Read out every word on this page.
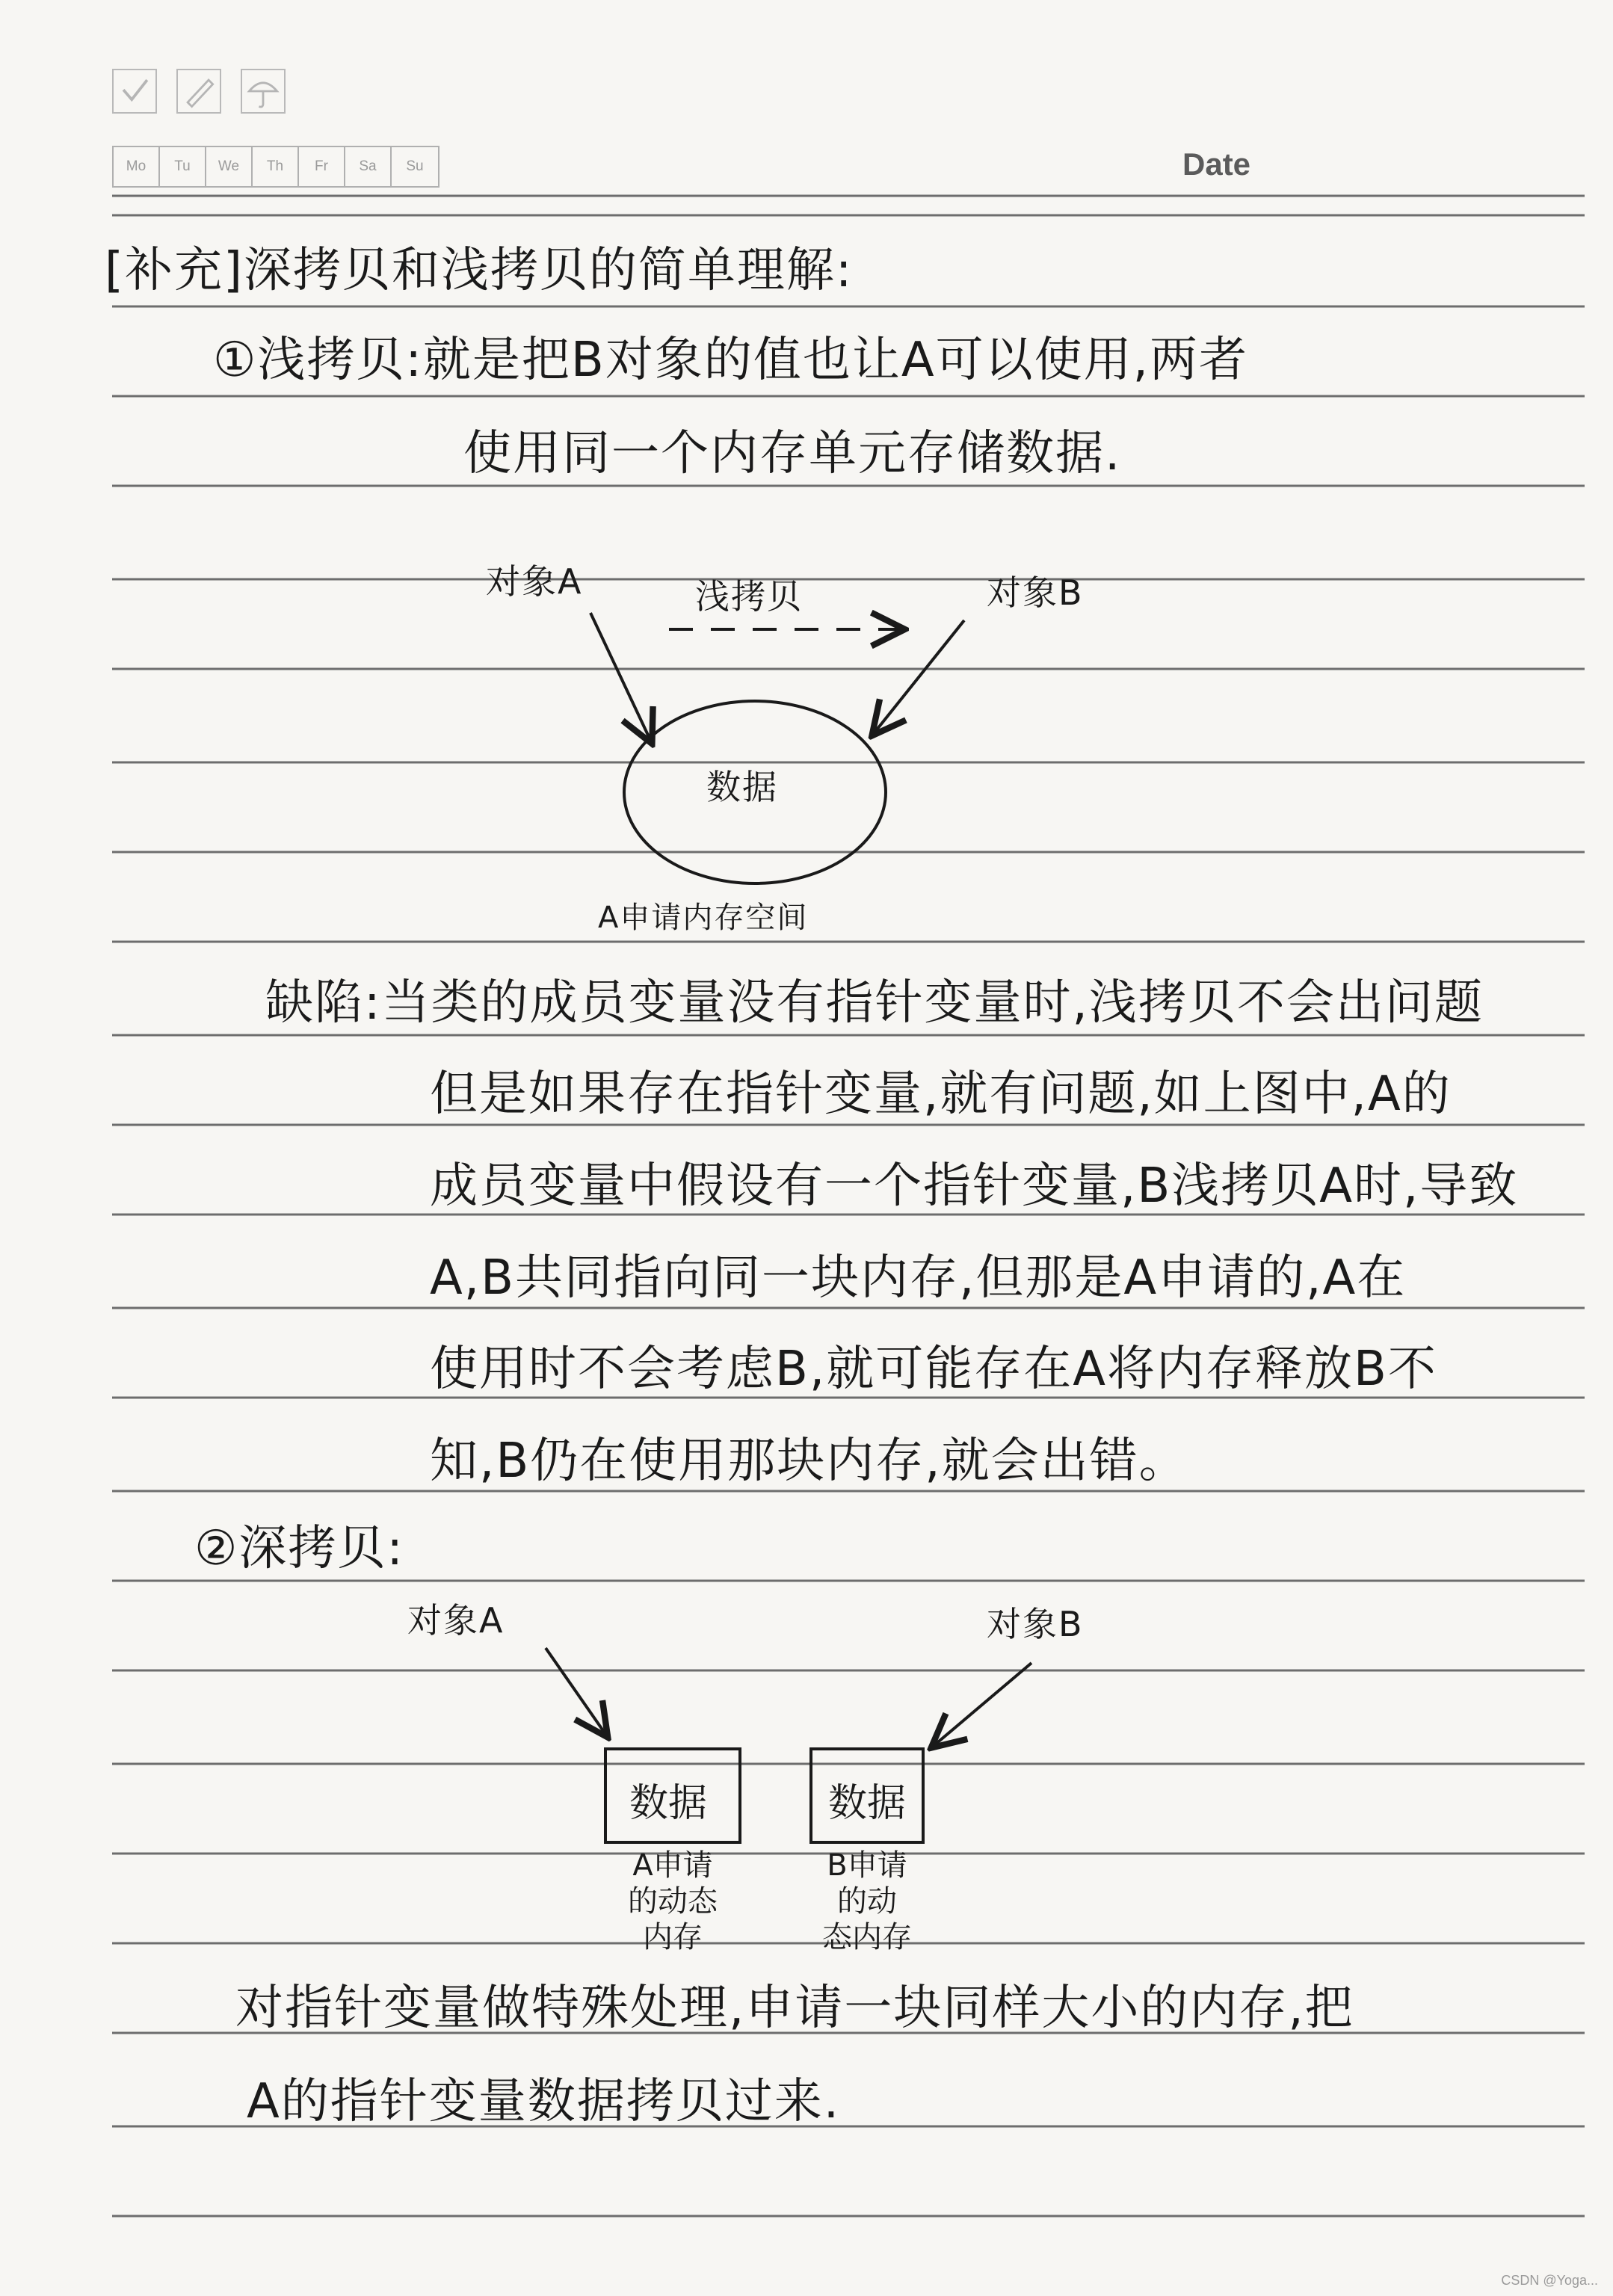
Mo	Tu	We	Th	Fr	Sa	Su	Date
[补充]深拷贝和浅拷贝的简单理解:
①浅拷贝:就是把B对象的值也让A可以使用,两者
使用同一个内存单元存储数据.
对象A	对象B
浅拷贝
数据
A申请内存空间
缺陷:当类的成员变量没有指针变量时,浅拷贝不会出问题
但是如果存在指针变量,就有问题,如上图中,A的
成员变量中假设有一个指针变量,B浅拷贝A时,导致
A,B共同指向同一块内存,但那是A申请的,A在
使用时不会考虑B,就可能存在A将内存释放B不
知,B仍在使用那块内存,就会出错。
②深拷贝:
对象A	对象B
数据	数据
A申请
的动态
内存
B申请
的动
态内存
对指针变量做特殊处理,申请一块同样大小的内存,把
A的指针变量数据拷贝过来.
CSDN @Yoga...
